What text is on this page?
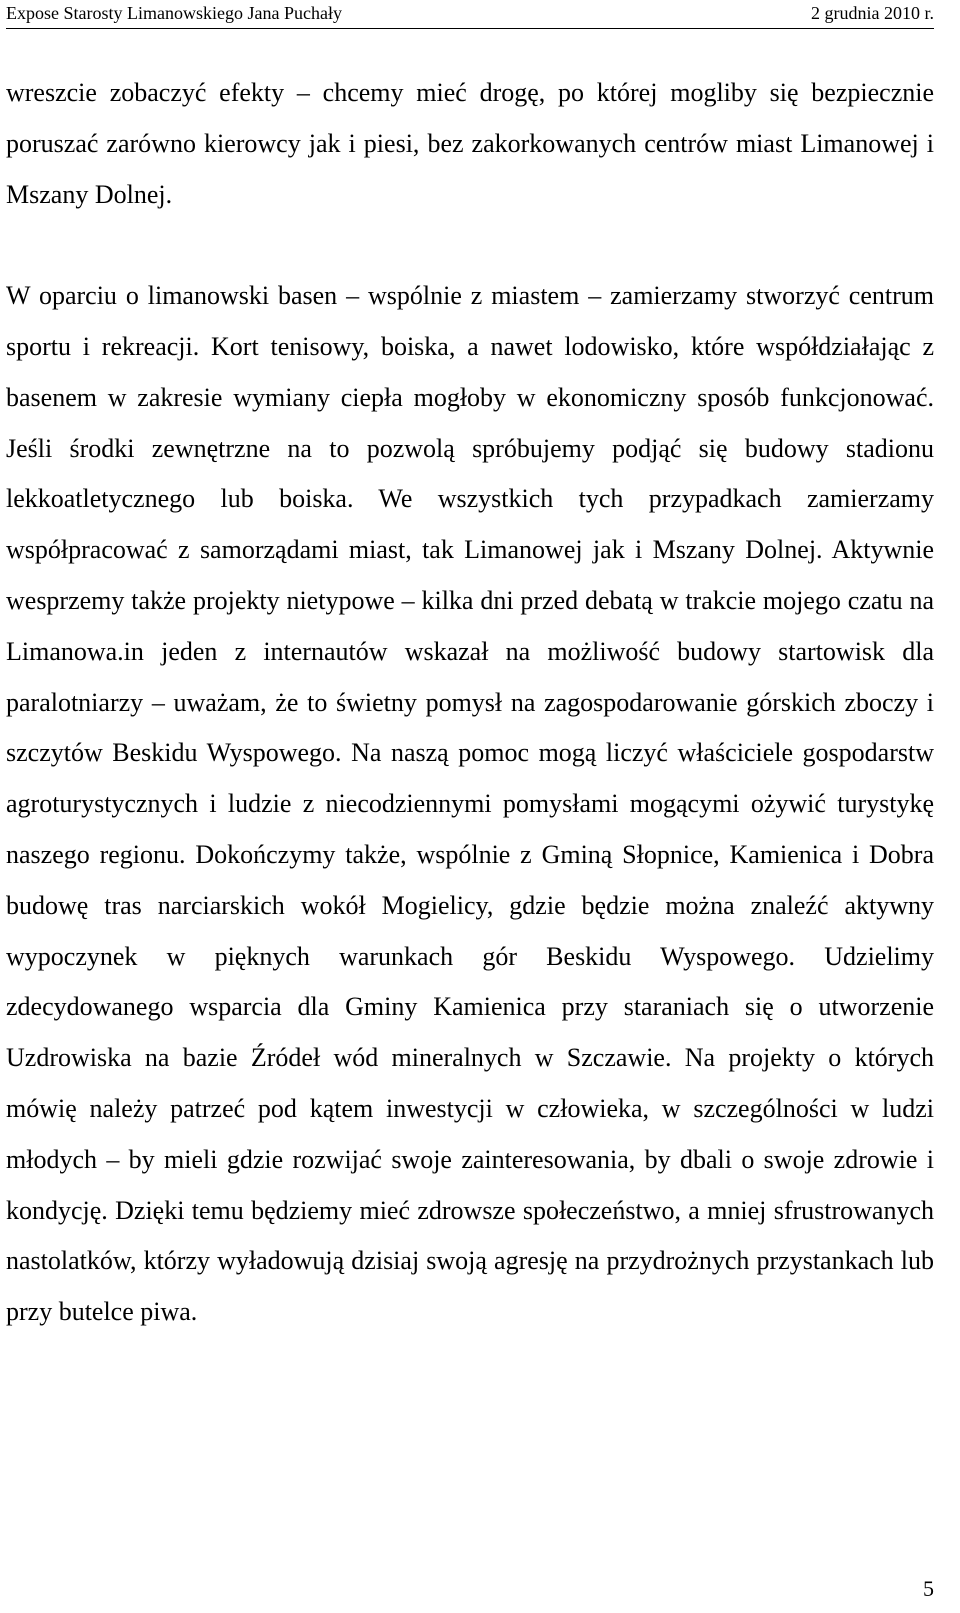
Expose Starosty Limanowskiego Jana Puchały	2 grudnia 2010 r.

wreszcie zobaczyć efekty – chcemy mieć drogę, po której mogliby się bezpiecznie poruszać zarówno kierowcy jak i piesi, bez zakorkowanych centrów miast Limanowej i Mszany Dolnej.

W oparciu o limanowski basen – wspólnie z miastem – zamierzamy stworzyć centrum sportu i rekreacji. Kort tenisowy, boiska, a nawet lodowisko, które współdziałając z basenem w zakresie wymiany ciepła mogłoby w ekonomiczny sposób funkcjonować. Jeśli środki zewnętrzne na to pozwolą spróbujemy podjąć się budowy stadionu lekkoatletycznego lub boiska. We wszystkich tych przypadkach zamierzamy współpracować z samorządami miast, tak Limanowej jak i Mszany Dolnej. Aktywnie wesprzemy także projekty nietypowe – kilka dni przed debatą w trakcie mojego czatu na Limanowa.in jeden z internautów wskazał na możliwość budowy startowisk dla paralotniarzy – uważam, że to świetny pomysł na zagospodarowanie górskich zboczy i szczytów Beskidu Wyspowego. Na naszą pomoc mogą liczyć właściciele gospodarstw agroturystycznych i ludzie z niecodziennymi pomysłami mogącymi ożywić turystykę naszego regionu. Dokończymy także, wspólnie z Gminą Słopnice, Kamienica i Dobra budowę tras narciarskich wokół Mogielicy, gdzie będzie można znaleźć aktywny wypoczynek w pięknych warunkach gór Beskidu Wyspowego. Udzielimy zdecydowanego wsparcia dla Gminy Kamienica przy staraniach się o utworzenie Uzdrowiska na bazie Źródeł wód mineralnych w Szczawie. Na projekty o których mówię należy patrzeć pod kątem inwestycji w człowieka, w szczególności w ludzi młodych – by mieli gdzie rozwijać swoje zainteresowania, by dbali o swoje zdrowie i kondycję. Dzięki temu będziemy mieć zdrowsze społeczeństwo, a mniej sfrustrowanych nastolatków, którzy wyładowują dzisiaj swoją agresję na przydrożnych przystankach lub przy butelce piwa.

5
